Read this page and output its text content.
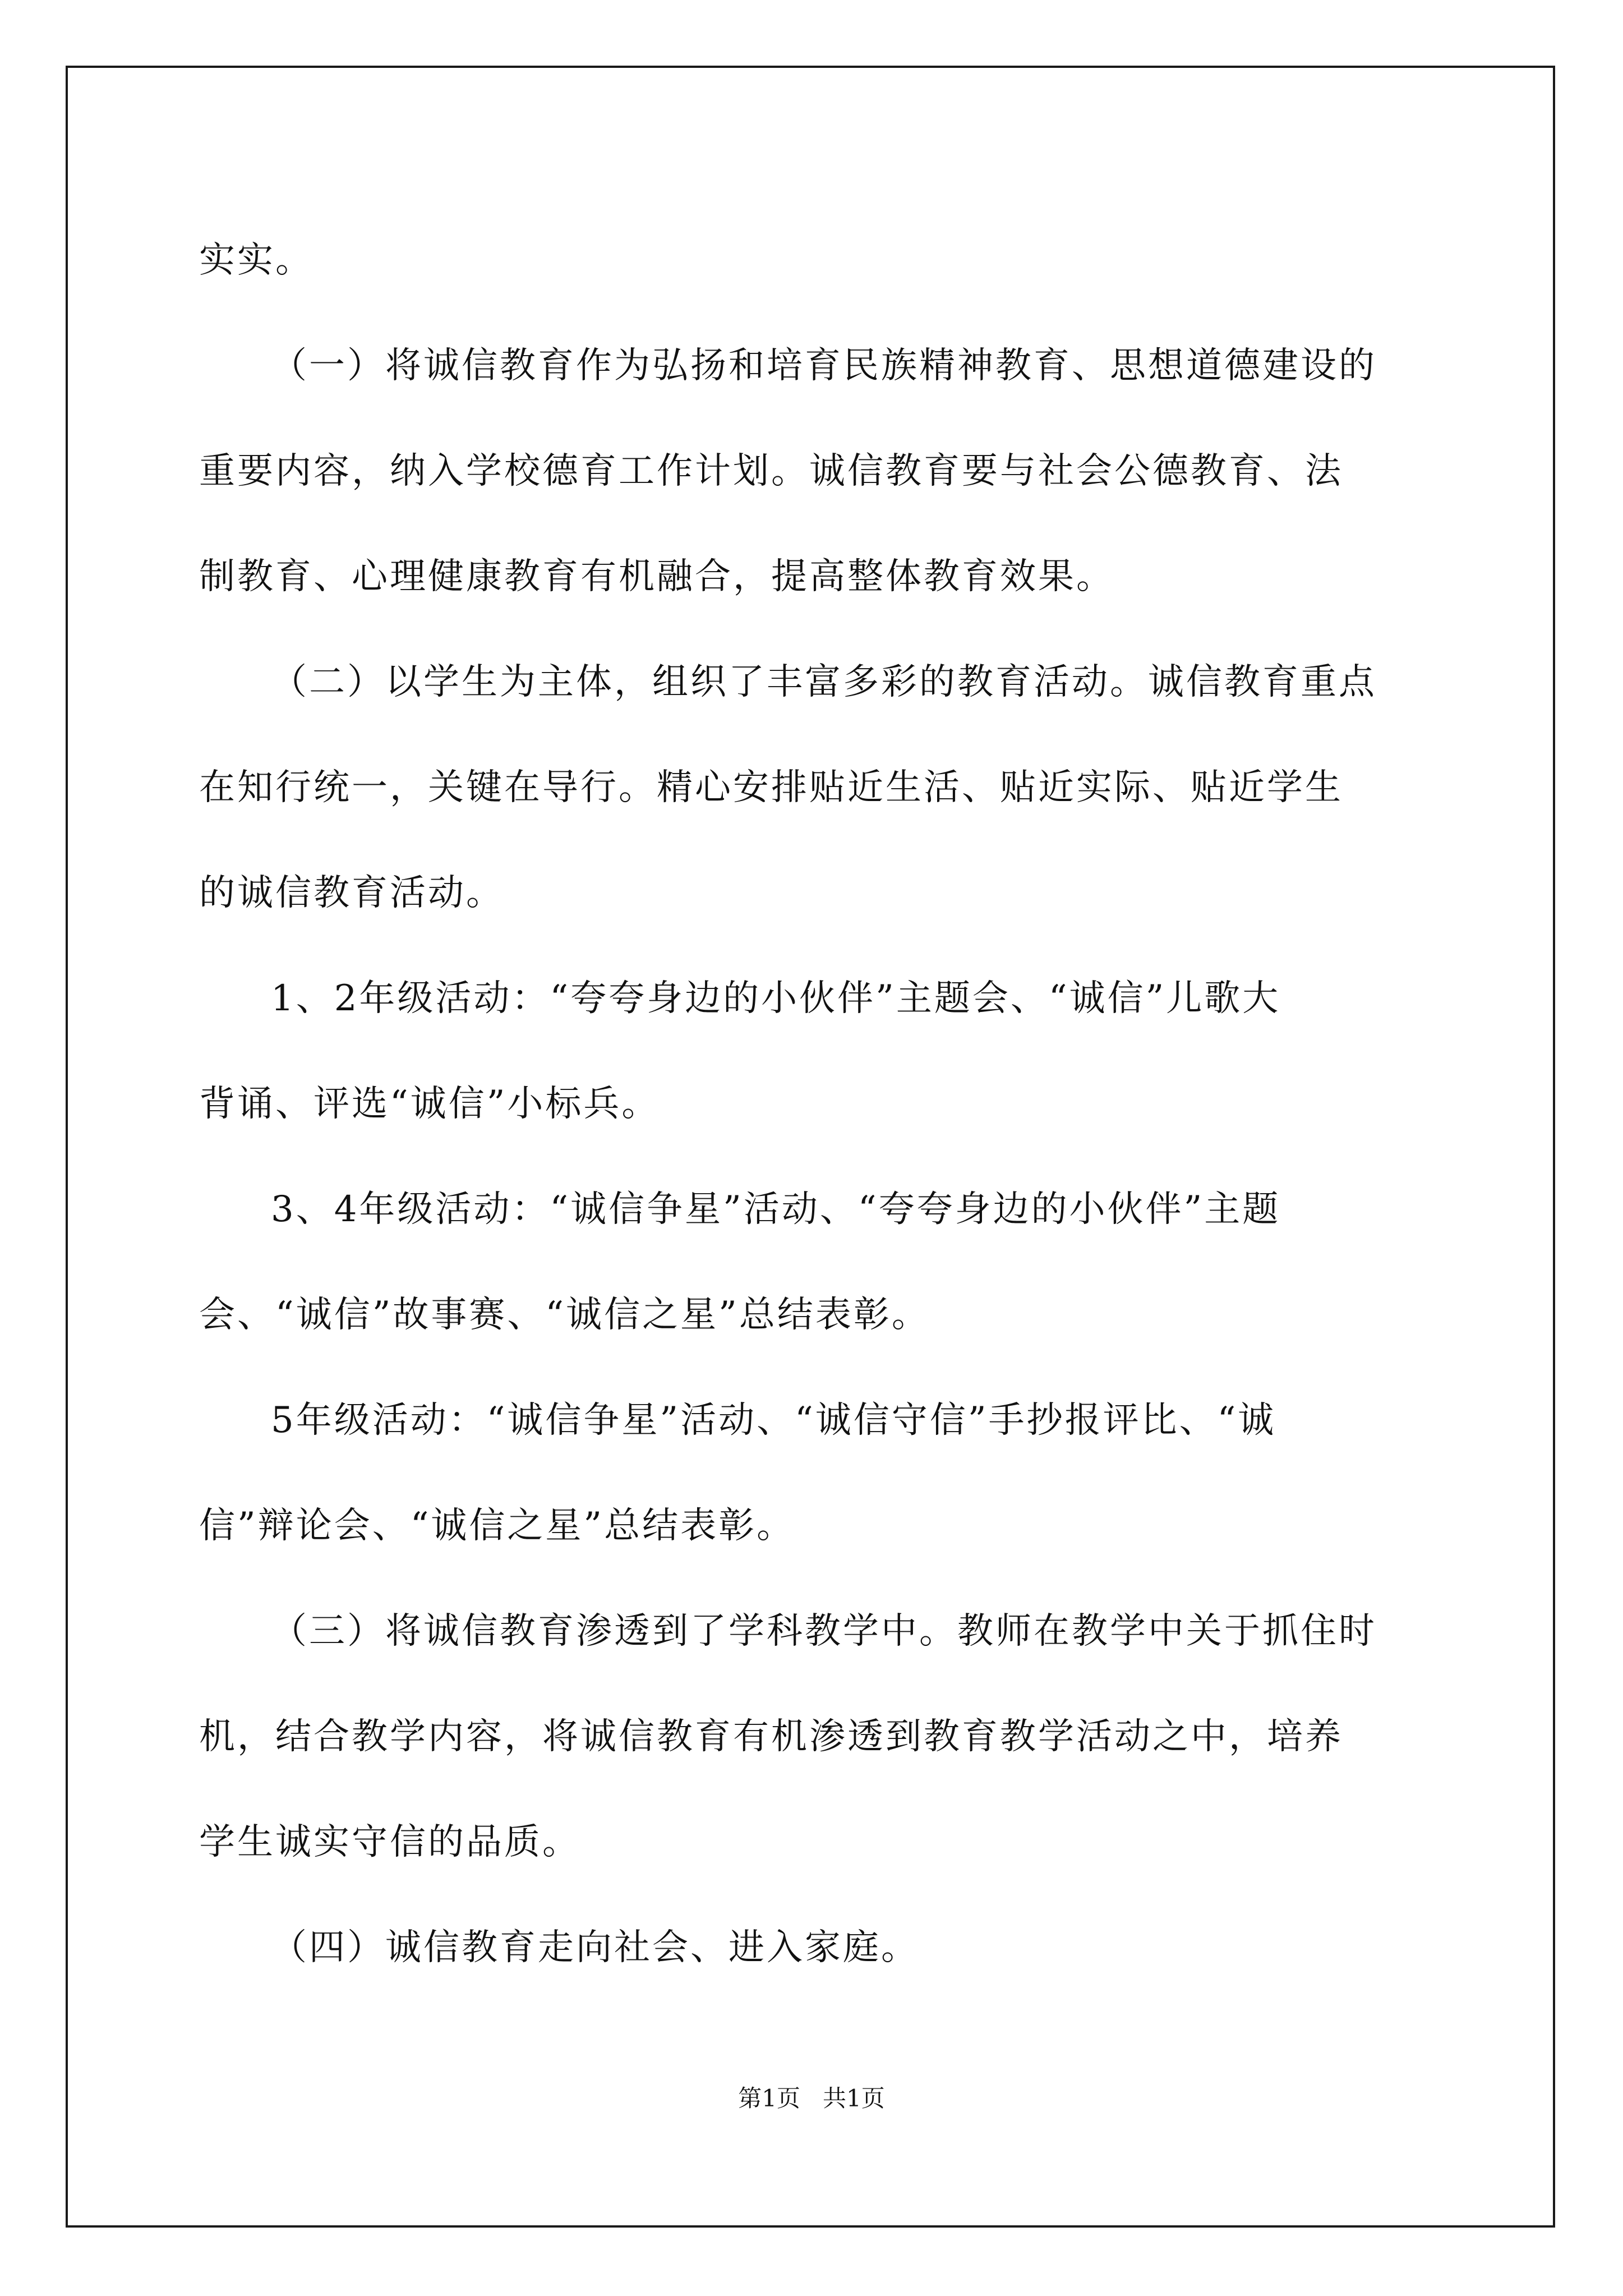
实实。

（一）将诚信教育作为弘扬和培育民族精神教育、思想道德建设的

重要内容，纳入学校德育工作计划。诚信教育要与社会公德教育、法

制教育、心理健康教育有机融合，提高整体教育效果。

（二）以学生为主体，组织了丰富多彩的教育活动。诚信教育重点

在知行统一，关键在导行。精心安排贴近生活、贴近实际、贴近学生

的诚信教育活动。

1、2年级活动：“夸夸身边的小伙伴”主题会、“诚信”儿歌大

背诵、评选“诚信”小标兵。

3、4年级活动：“诚信争星”活动、“夸夸身边的小伙伴”主题

会、“诚信”故事赛、“诚信之星”总结表彰。

5年级活动：“诚信争星”活动、“诚信守信”手抄报评比、“诚

信”辩论会、“诚信之星”总结表彰。

（三）将诚信教育渗透到了学科教学中。教师在教学中关于抓住时

机，结合教学内容，将诚信教育有机渗透到教育教学活动之中，培养

学生诚实守信的品质。

（四）诚信教育走向社会、进入家庭。

第1页 共1页
